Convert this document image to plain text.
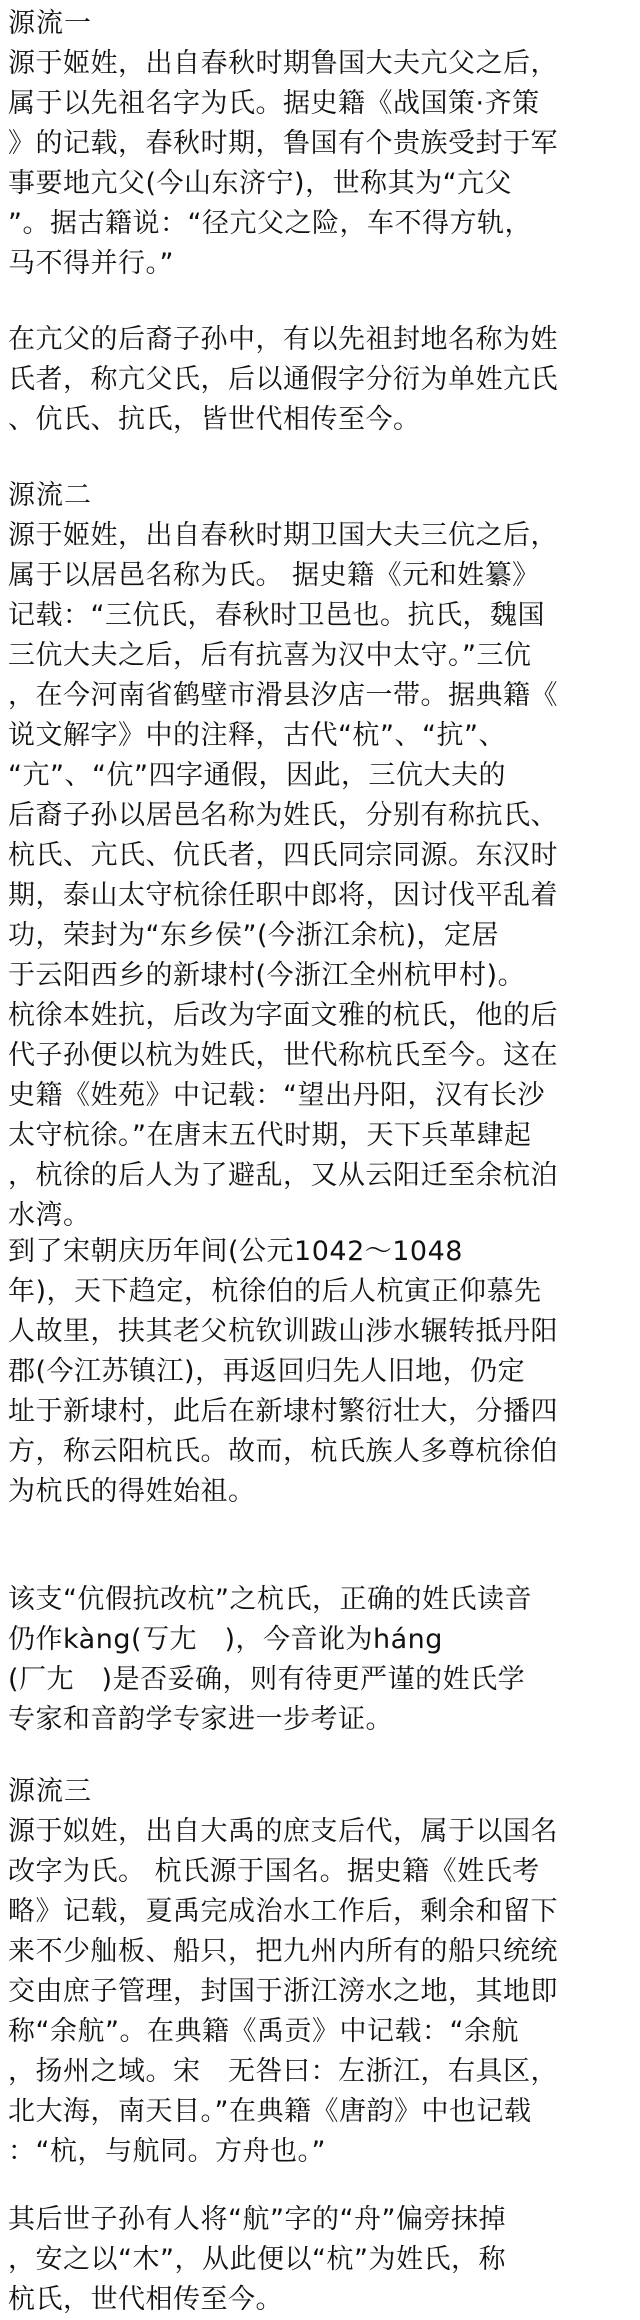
源流一
源于姬姓，出自春秋时期鲁国大夫亢父之后，
属于以先祖名字为氏。据史籍《战国策·齐策
》的记载，春秋时期，鲁国有个贵族受封于军
事要地亢父(今山东济宁)，世称其为“亢父
”。据古籍说：“径亢父之险，车不得方轨，
马不得并行。”
在亢父的后裔子孙中，有以先祖封地名称为姓
氏者，称亢父氏，后以通假字分衍为单姓亢氏
、伉氏、抗氏，皆世代相传至今。
源流二
源于姬姓，出自春秋时期卫国大夫三伉之后，
属于以居邑名称为氏。 据史籍《元和姓纂》
记载：“三伉氏，春秋时卫邑也。抗氏，魏国
三伉大夫之后，后有抗喜为汉中太守。”三伉
，在今河南省鹤壁市滑县汐店一带。据典籍《
说文解字》中的注释，古代“杭”、“抗”、
“亢”、“伉”四字通假，因此，三伉大夫的
后裔子孙以居邑名称为姓氏，分别有称抗氏、
杭氏、亢氏、伉氏者，四氏同宗同源。东汉时
期，泰山太守杭徐任职中郎将，因讨伐平乱着
功，荣封为“东乡侯”(今浙江余杭)，定居
于云阳西乡的新埭村(今浙江全州杭甲村)。
杭徐本姓抗，后改为字面文雅的杭氏，他的后
代子孙便以杭为姓氏，世代称杭氏至今。这在
史籍《姓苑》中记载：“望出丹阳，汉有长沙
太守杭徐。”在唐末五代时期，天下兵革肆起
，杭徐的后人为了避乱，又从云阳迁至余杭泊
水湾。
到了宋朝庆历年间(公元1042～1048
年)，天下趋定，杭徐伯的后人杭寅正仰慕先
人故里，扶其老父杭钦训跋山涉水辗转抵丹阳
郡(今江苏镇江)，再返回归先人旧地，仍定
址于新埭村，此后在新埭村繁衍壮大，分播四
方，称云阳杭氏。故而，杭氏族人多尊杭徐伯
为杭氏的得姓始祖。
该支“伉假抗改杭”之杭氏，正确的姓氏读音
仍作kàng(丂尢　)，今音讹为háng
(厂尢　)是否妥确，则有待更严谨的姓氏学
专家和音韵学专家进一步考证。
源流三
源于姒姓，出自大禹的庶支后代，属于以国名
改字为氏。 杭氏源于国名。据史籍《姓氏考
略》记载，夏禹完成治水工作后，剩余和留下
来不少舢板、船只，把九州内所有的船只统统
交由庶子管理，封国于浙江滂水之地，其地即
称“余航”。在典籍《禹贡》中记载：“余航
，扬州之域。宋　无咎曰：左浙江，右具区，
北大海，南天目。”在典籍《唐韵》中也记载
：“杭，与航同。方舟也。”
其后世子孙有人将“航”字的“舟”偏旁抹掉
，安之以“木”，从此便以“杭”为姓氏，称
杭氏，世代相传至今。
